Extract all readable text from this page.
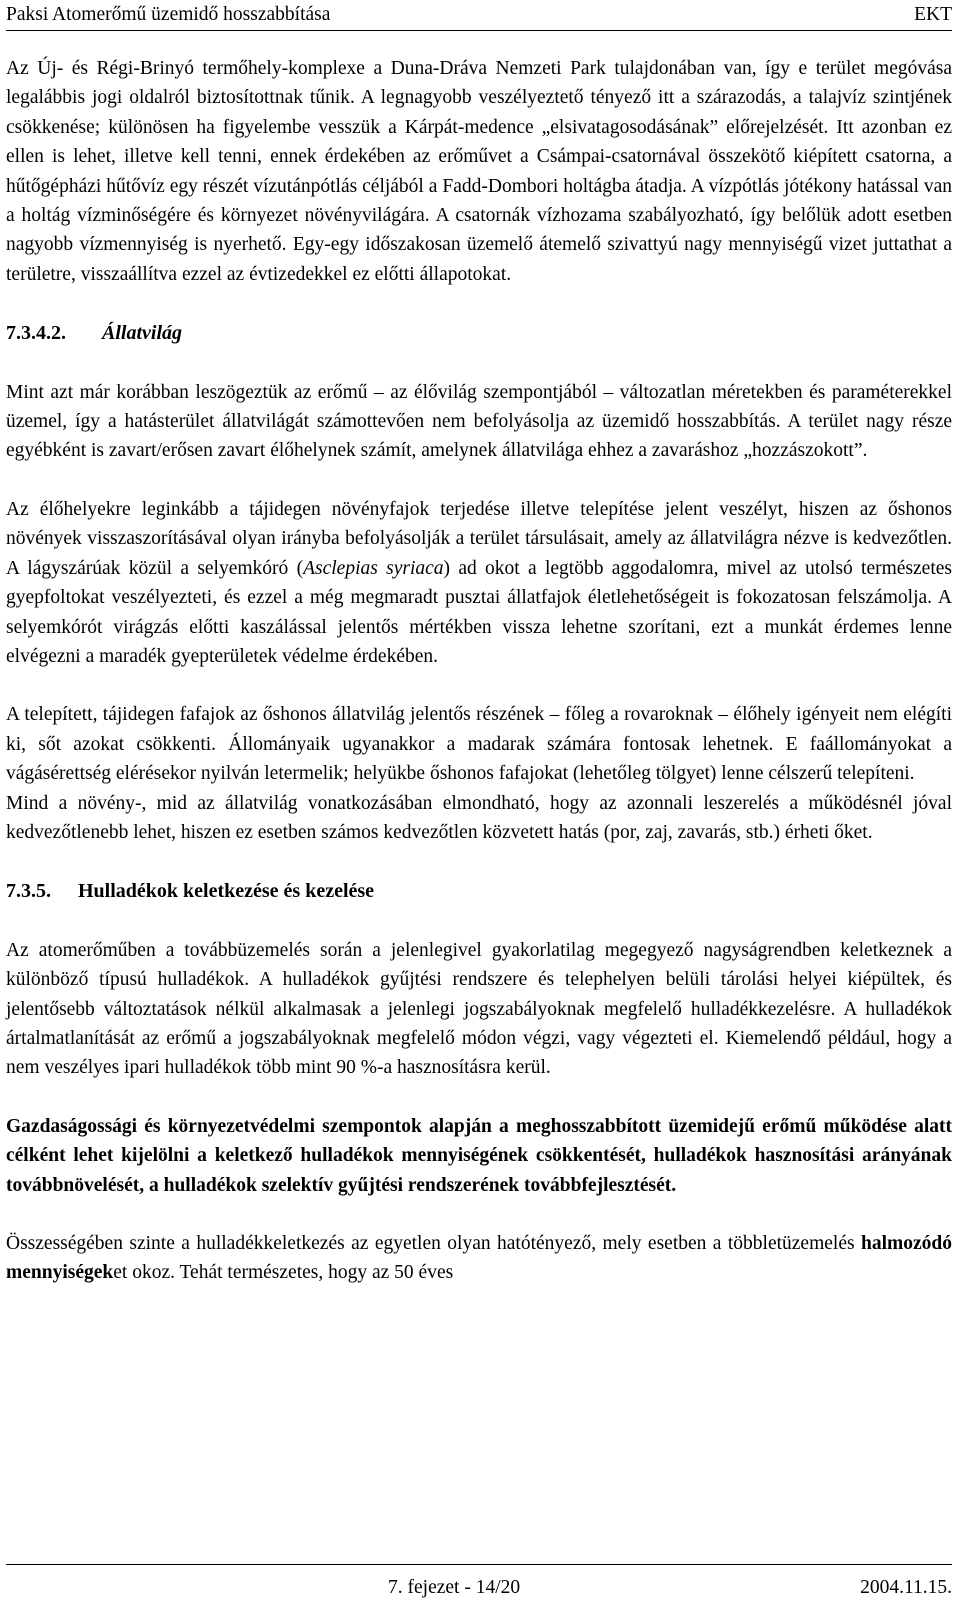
Paksi Atomerőmű üzemidő hosszabbítása	EKT

Az Új- és Régi-Brinyó termőhely-komplexe a Duna-Dráva Nemzeti Park tulajdonában van, így e terület megóvása legalábbis jogi oldalról biztosítottnak tűnik. A legnagyobb veszélyeztető tényező itt a szárazodás, a talajvíz szintjének csökkenése; különösen ha figyelembe vesszük a Kárpát-medence „elsivatagosodásának” előrejelzését. Itt azonban ez ellen is lehet, illetve kell tenni, ennek érdekében az erőművet a Csámpai-csatornával összekötő kiépített csatorna, a hűtőgépházi hűtővíz egy részét vízutánpótlás céljából a Fadd-Dombori holtágba átadja. A vízpótlás jótékony hatással van a holtág vízminőségére és környezet növényvilágára. A csatornák vízhozama szabályozható, így belőlük adott esetben nagyobb vízmennyiség is nyerhető. Egy-egy időszakosan üzemelő átemelő szivattyú nagy mennyiségű vizet juttathat a területre, visszaállítva ezzel az évtizedekkel ez előtti állapotokat.

7.3.4.2. Állatvilág

Mint azt már korábban leszögeztük az erőmű – az élővilág szempontjából – változatlan méretekben és paraméterekkel üzemel, így a hatásterület állatvilágát számottevően nem befolyásolja az üzemidő hosszabbítás. A terület nagy része egyébként is zavart/erősen zavart élőhelynek számít, amelynek állatvilága ehhez a zavaráshoz „hozzászokott”.

Az élőhelyekre leginkább a tájidegen növényfajok terjedése illetve telepítése jelent veszélyt, hiszen az őshonos növények visszaszorításával olyan irányba befolyásolják a terület társulásait, amely az állatvilágra nézve is kedvezőtlen. A lágyszárúak közül a selyemkóró (Asclepias syriaca) ad okot a legtöbb aggodalomra, mivel az utolsó természetes gyepfoltokat veszélyezteti, és ezzel a még megmaradt pusztai állatfajok életlehetőségeit is fokozatosan felszámolja. A selyemkórót virágzás előtti kaszálással jelentős mértékben vissza lehetne szorítani, ezt a munkát érdemes lenne elvégezni a maradék gyepterületek védelme érdekében.

A telepített, tájidegen fafajok az őshonos állatvilág jelentős részének – főleg a rovaroknak – élőhely igényeit nem elégíti ki, sőt azokat csökkenti. Állományaik ugyanakkor a madarak számára fontosak lehetnek. E faállományokat a vágásérettség elérésekor nyilván letermelik; helyükbe őshonos fafajokat (lehetőleg tölgyet) lenne célszerű telepíteni.

Mind a növény-, mid az állatvilág vonatkozásában elmondható, hogy az azonnali leszerelés a működésnél jóval kedvezőtlenebb lehet, hiszen ez esetben számos kedvezőtlen közvetett hatás (por, zaj, zavarás, stb.) érheti őket.

7.3.5. Hulladékok keletkezése és kezelése

Az atomerőműben a továbbüzemelés során a jelenlegivel gyakorlatilag megegyező nagyságrendben keletkeznek a különböző típusú hulladékok. A hulladékok gyűjtési rendszere és telephelyen belüli tárolási helyei kiépültek, és jelentősebb változtatások nélkül alkalmasak a jelenlegi jogszabályoknak megfelelő hulladékkezelésre. A hulladékok ártalmatlanítását az erőmű a jogszabályoknak megfelelő módon végzi, vagy végezteti el. Kiemelendő például, hogy a nem veszélyes ipari hulladékok több mint 90 %-a hasznosításra kerül.

Gazdaságossági és környezetvédelmi szempontok alapján a meghosszabbított üzemidejű erőmű működése alatt célként lehet kijelölni a keletkező hulladékok mennyiségének csökkentését, hulladékok hasznosítási arányának továbbnövelését, a hulladékok szelektív gyűjtési rendszerének továbbfejlesztését.

Összességében szinte a hulladékkeletkezés az egyetlen olyan hatótényező, mely esetben a többletüzemelés halmozódó mennyiségeket okoz. Tehát természetes, hogy az 50 éves

7. fejezet - 14/20	2004.11.15.
